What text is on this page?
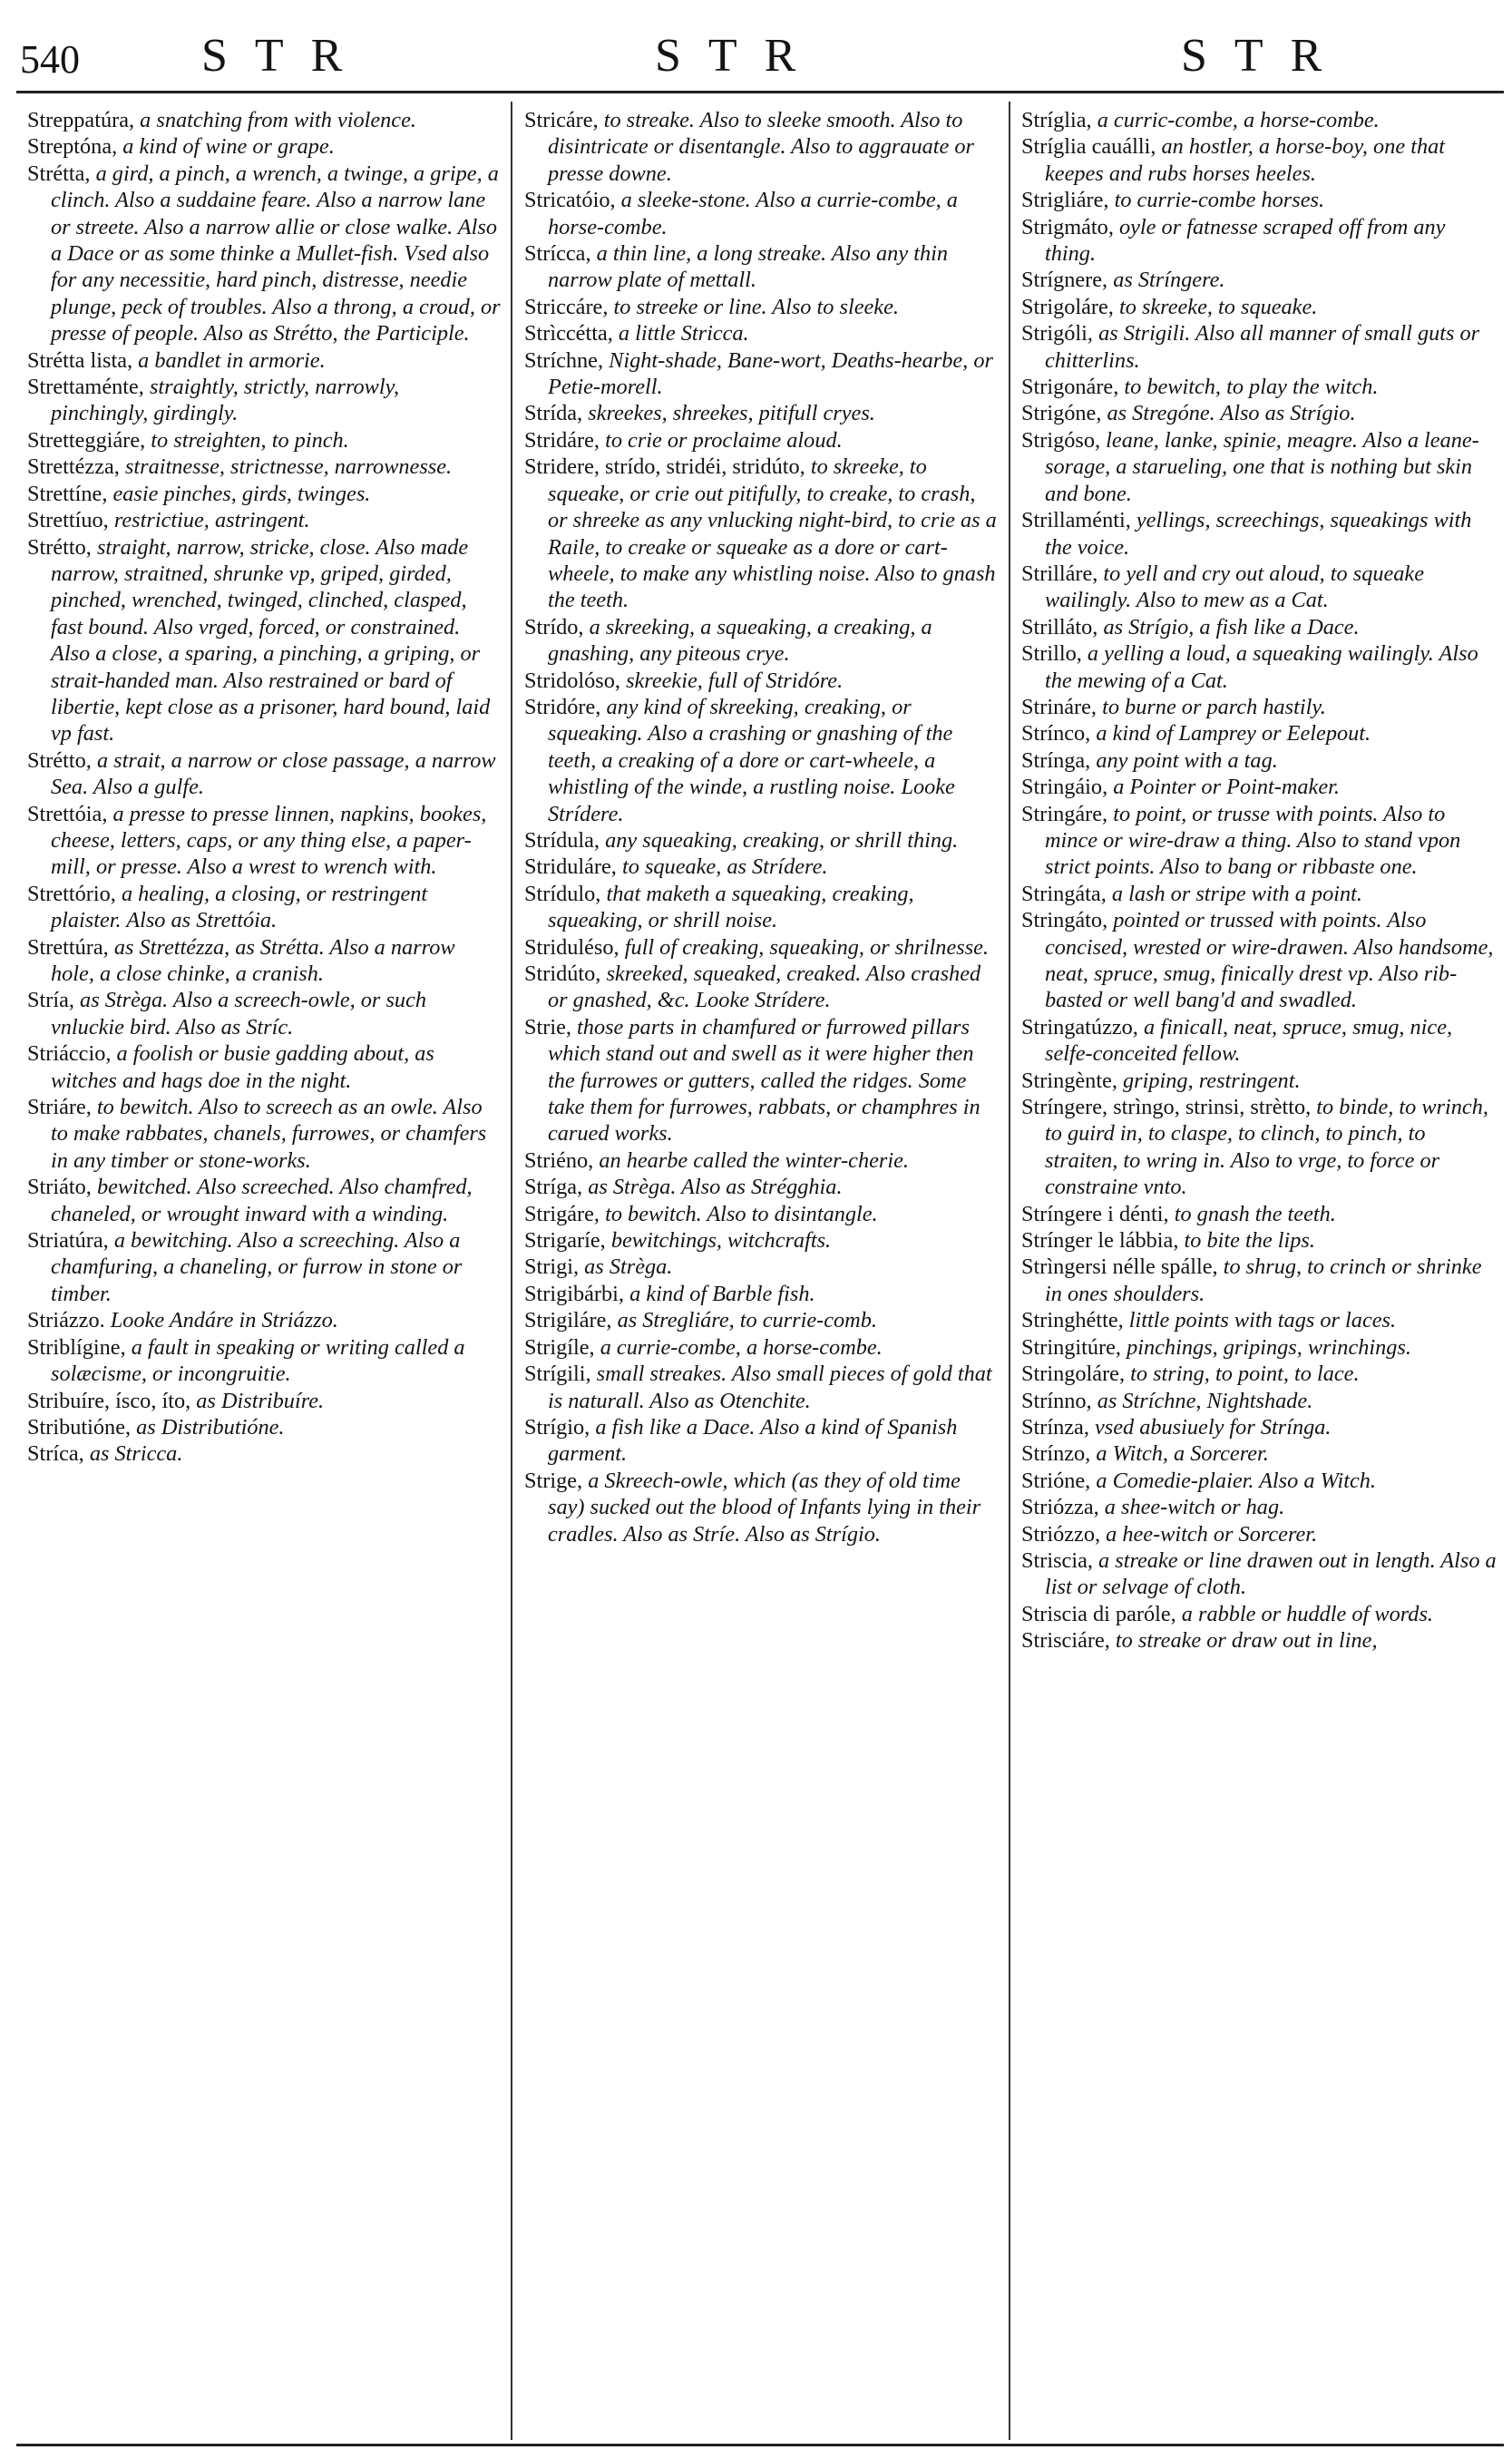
540	STR	STR	STR

Streppatúra, a snatching from with violence.

Streptóna, a kind of wine or grape.

Strétta, a gird, a pinch, a wrench, a twinge, a gripe, a clinch. Also a suddaine feare. Also a narrow lane or streete. Also a narrow allie or close walke. Also a Dace or as some thinke a Mullet-fish. Vsed also for any necessitie, hard pinch, distresse, needie plunge, peck of troubles. Also a throng, a croud, or presse of people. Also as Strétto, the Participle.

Strétta lista, a bandlet in armorie.

Strettaménte, straightly, strictly, narrowly, pinchingly, girdingly.

Stretteggiáre, to streighten, to pinch.

Strettézza, straitnesse, strictnesse, narrownesse.

Strettíne, easie pinches, girds, twinges.

Strettíuo, restrictiue, astringent.

Strétto, straight, narrow, stricke, close. Also made narrow, straitned, shrunke vp, griped, girded, pinched, wrenched, twinged, clinched, clasped, fast bound. Also vrged, forced, or constrained. Also a close, a sparing, a pinching, a griping, or strait-handed man. Also restrained or bard of libertie, kept close as a prisoner, hard bound, laid vp fast.

Strétto, a strait, a narrow or close passage, a narrow Sea. Also a gulfe.

Strettóia, a presse to presse linnen, napkins, bookes, cheese, letters, caps, or any thing else, a paper-mill, or presse. Also a wrest to wrench with.

Strettório, a healing, a closing, or restringent plaister. Also as Strettóia.

Strettúra, as Strettézza, as Strétta. Also a narrow hole, a close chinke, a cranish.

Stría, as Strèga. Also a screech-owle, or such vnluckie bird. Also as Stríc.

Striáccio, a foolish or busie gadding about, as witches and hags doe in the night.

Striáre, to bewitch. Also to screech as an owle. Also to make rabbates, chanels, furrowes, or chamfers in any timber or stone-works.

Striáto, bewitched. Also screeched. Also chamfred, chaneled, or wrought inward with a winding.

Striatúra, a bewitching. Also a screeching. Also a chamfuring, a chaneling, or furrow in stone or timber.

Striázzo. Looke Andáre in Striázzo.

Striblígine, a fault in speaking or writing called a solæcisme, or incongruitie.

Stribuíre, ísco, íto, as Distribuíre.

Stributióne, as Distributióne.

Stríca, as Stricca.

Stricáre, to streake. Also to sleeke smooth. Also to disintricate or disentangle. Also to aggrauate or presse downe.

Stricatóio, a sleeke-stone. Also a currie-combe, a horse-combe.

Strícca, a thin line, a long streake. Also any thin narrow plate of mettall.

Striccáre, to streeke or line. Also to sleeke.

Strìccétta, a little Stricca.

Stríchne, Night-shade, Bane-wort, Deaths-hearbe, or Petie-morell.

Strída, skreekes, shreekes, pitifull cryes.

Stridáre, to crie or proclaime aloud.

Stridere, strído, stridéi, stridúto, to skreeke, to squeake, or crie out pitifully, to creake, to crash, or shreeke as any vnlucking night-bird, to crie as a Raile, to creake or squeake as a dore or cart-wheele, to make any whistling noise. Also to gnash the teeth.

Strído, a skreeking, a squeaking, a creaking, a gnashing, any piteous crye.

Stridolóso, skreekie, full of Stridóre.

Stridóre, any kind of skreeking, creaking, or squeaking. Also a crashing or gnashing of the teeth, a creaking of a dore or cart-wheele, a whistling of the winde, a rustling noise. Looke Strídere.

Strídula, any squeaking, creaking, or shrill thing.

Striduláre, to squeake, as Strídere.

Strídulo, that maketh a squeaking, creaking, squeaking, or shrill noise.

Striduléso, full of creaking, squeaking, or shrilnesse.

Stridúto, skreeked, squeaked, creaked. Also crashed or gnashed, &c. Looke Strídere.

Strie, those parts in chamfured or furrowed pillars which stand out and swell as it were higher then the furrowes or gutters, called the ridges. Some take them for furrowes, rabbats, or champhres in carued works.

Striéno, an hearbe called the winter-cherie.

Stríga, as Strèga. Also as Strégghia.

Strigáre, to bewitch. Also to disintangle.

Strigaríe, bewitchings, witchcrafts.

Strigi, as Strèga.

Strigibárbi, a kind of Barble fish.

Strigiláre, as Stregliáre, to currie-comb.

Strigíle, a currie-combe, a horse-combe.

Strígili, small streakes. Also small pieces of gold that is naturall. Also as Otenchite.

Strígio, a fish like a Dace. Also a kind of Spanish garment.

Strige, a Skreech-owle, which (as they of old time say) sucked out the blood of Infants lying in their cradles. Also as Stríe. Also as Strígio.

Stríglia, a curric-combe, a horse-combe.

Stríglia cauálli, an hostler, a horse-boy, one that keepes and rubs horses heeles.

Strigliáre, to currie-combe horses.

Strigmáto, oyle or fatnesse scraped off from any thing.

Strígnere, as Stríngere.

Strigoláre, to skreeke, to squeake.

Strigóli, as Strigili. Also all manner of small guts or chitterlins.

Strigonáre, to bewitch, to play the witch.

Strigóne, as Stregóne. Also as Strígio.

Strigóso, leane, lanke, spinie, meagre. Also a leane-sorage, a starueling, one that is nothing but skin and bone.

Strillaménti, yellings, screechings, squeakings with the voice.

Strilláre, to yell and cry out aloud, to squeake wailingly. Also to mew as a Cat.

Strilláto, as Strígio, a fish like a Dace.

Strillo, a yelling a loud, a squeaking wailingly. Also the mewing of a Cat.

Strináre, to burne or parch hastily.

Strínco, a kind of Lamprey or Eelepout.

Strínga, any point with a tag.

Stringáio, a Pointer or Point-maker.

Stringáre, to point, or trusse with points. Also to mince or wire-draw a thing. Also to stand vpon strict points. Also to bang or ribbaste one.

Stringáta, a lash or stripe with a point.

Stringáto, pointed or trussed with points. Also concised, wrested or wire-drawen. Also handsome, neat, spruce, smug, finically drest vp. Also rib-basted or well bang'd and swadled.

Stringatúzzo, a finicall, neat, spruce, smug, nice, selfe-conceited fellow.

Stringènte, griping, restringent.

Stríngere, strìngo, strinsi, strètto, to binde, to wrinch, to guird in, to claspe, to clinch, to pinch, to straiten, to wring in. Also to vrge, to force or constraine vnto.

Stríngere i dénti, to gnash the teeth.

Strínger le lábbia, to bite the lips.

Strìngersi nélle spálle, to shrug, to crinch or shrinke in ones shoulders.

Stringhétte, little points with tags or laces.

Stringitúre, pinchings, gripings, wrinchings.

Stringoláre, to string, to point, to lace.

Strínno, as Stríchne, Nightshade.

Strínza, vsed abusiuely for Strínga.

Strínzo, a Witch, a Sorcerer.

Strióne, a Comedie-plaier. Also a Witch.

Striózza, a shee-witch or hag.

Striózzo, a hee-witch or Sorcerer.

Striscia, a streake or line drawen out in length. Also a list or selvage of cloth.

Striscia di paróle, a rabble or huddle of words.

Strisciáre, to streake or draw out in line,
